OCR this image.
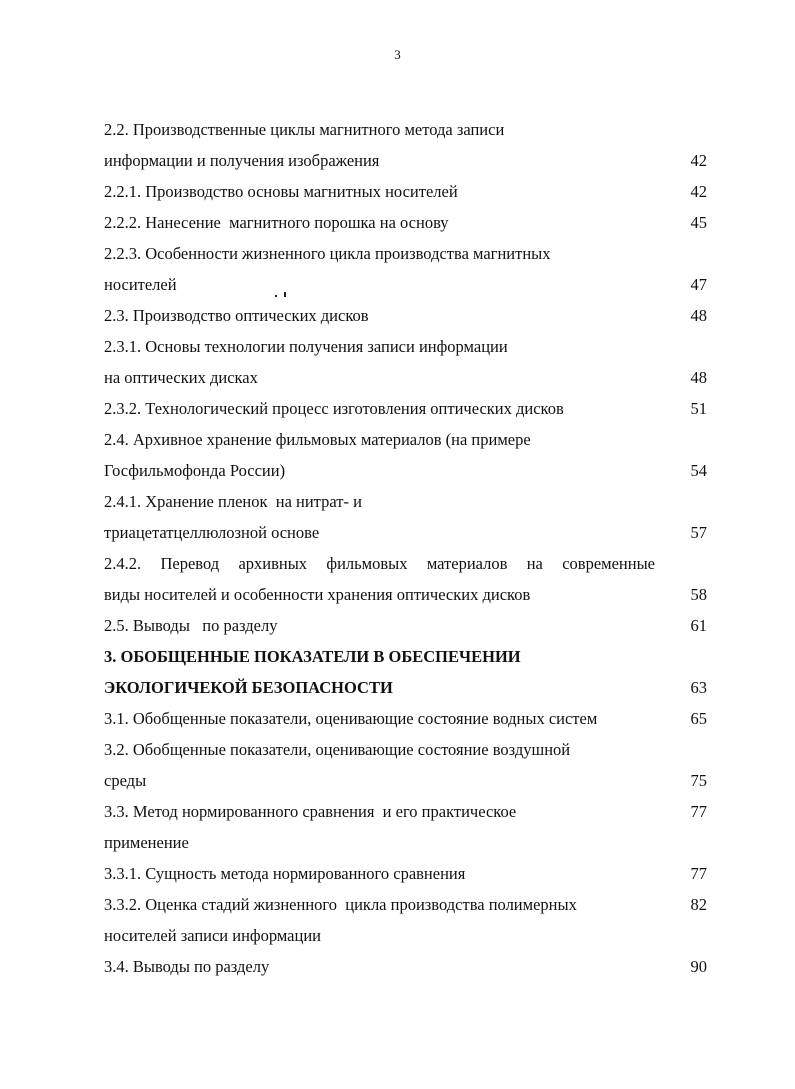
3
2.2. Производственные циклы магнитного метода записи
информации и получения изображения	42
2.2.1. Производство основы магнитных носителей	42
2.2.2. Нанесение  магнитного порошка на основу	45
2.2.3. Особенности жизненного цикла производства магнитных
носителей	47
2.3. Производство оптических дисков	48
2.3.1. Основы технологии получения записи информации
на оптических дисках	48
2.3.2. Технологический процесс изготовления оптических дисков	51
2.4. Архивное хранение фильмовых материалов (на примере
Госфильмофонда России)	54
2.4.1. Хранение пленок  на нитрат- и
триацетатцеллюлозной основе	57
2.4.2. Перевод архивных фильмовых материалов на современные
виды носителей и особенности хранения оптических дисков	58
2.5. Выводы   по разделу	61
3. ОБОБЩЕННЫЕ ПОКАЗАТЕЛИ В ОБЕСПЕЧЕНИИ
ЭКОЛОГИЧЕКОЙ БЕЗОПАСНОСТИ	63
3.1. Обобщенные показатели, оценивающие состояние водных систем	65
3.2. Обобщенные показатели, оценивающие состояние воздушной
среды	75
3.3. Метод нормированного сравнения  и его практическое	77
применение
3.3.1. Сущность метода нормированного сравнения	77
3.3.2. Оценка стадий жизненного  цикла производства полимерных	82
носителей записи информации
3.4. Выводы по разделу	90
